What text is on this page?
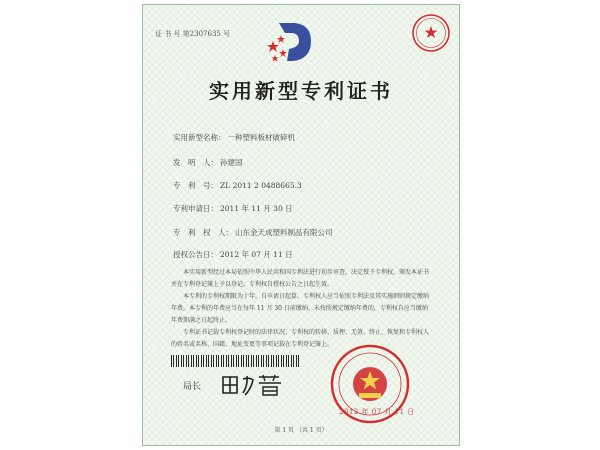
证 书 号 第2307635 号
实用新型专利证书
实用新型名称： 一种塑料板材破碎机
发　明　人： 孙建国
专　利　号： ZL 2011 2 0488665.3
专利申请日： 2011 年 11 月 30 日
专　利　权　人： 山东金天成塑料制品有限公司
授权公告日： 2012 年 07 月 11 日

本实用新型经过本局依照中华人民共和国专利法进行初步审查，决定授予专利权，颁发本证书并在专利登记簿上予以登记。专利权自授权公告之日起生效。

本专利的专利权期限为十年，自申请日起算。专利权人应当依照专利法及其实施细则规定缴纳年费。本专利的年费应当在每年 11 月 30 日前缴纳。未按照规定缴纳年费的，专利权自应当缴纳年费期满之日起终止。

专利证书记载专利权登记时的法律状况。专利权的转移、质押、无效、终止、恢复和专利权人的姓名或名称、国籍、地址变更等事项记载在专利登记簿上。

局长
2012 年 07 月 11 日
第 1 页 （共 1 页）
